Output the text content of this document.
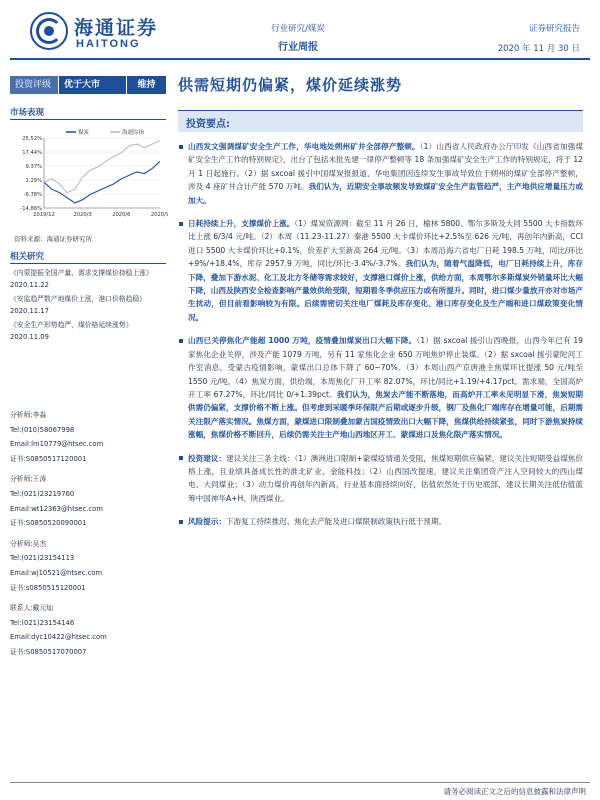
海通证券
HAITONG
行业研究/煤炭
行业周报
证券研究报告
2020 年 11 月 30 日
投资评级	优于大市	维持	供需短期仍偏紧，煤价延续涨势
市场表现
煤炭	海通综指
25.52%
17.44%
9.37%
1.29%
-6.78%
-14.86%
2019/12	2020/3	2020/6	2020/9
资料来源：海通证券研究所
相关研究
《内蒙提振全国产量，需求支撑煤价持稳上涨》2020.11.22
《安监趋严数产地煤价上涨，港口价格趋稳》2020.11.17
《安全生产形势趋严，煤价格延续涨势》2020.11.09
分析师:李淼
Tel:(010)58067998
Email:lm10779@htsec.com
证书:S0850517120001
分析师:王涛
Tel:(021)23219760
Email:wt12363@htsec.com
证书:S0850520090001
分析师:吴杰
Tel:(021)23154113
Email:wj10521@htsec.com
证书:s0850515120001
联系人:戴元灿
Tel:(021)23154146
Email:dyc10422@htsec.com
证书:S0850517070007
投资要点:
山西发文强调煤矿安全生产工作，华电地处朔州矿井全部停产整顿。（1）山西省人民政府办公厅印发《山西省加强煤矿安全生产工作的特别规定》，出台了包括未批先建一律停产整顿等 18 条加强煤矿安全生产工作的特别规定，将于 12 月 1 日起施行。（2）据 sxcoal 援引中国煤炭报报道，华电集团因连续发生事故导致位于朔州的煤矿全部停产整顿，涉及 4 座矿井合计产能 570 万吨。我们认为，近期安全事故频发导致煤矿安全生产监管趋严，主产地供应增量压力或加大。
日耗持续上升，支撑煤价上涨。（1）煤炭资源网：截至 11 月 26 日，榆林 5800、鄂尔多斯及大同 5500 大卡指数环比上涨 6/3/4 元/吨。（2）本周（11.23-11.27）秦港 5500 大卡煤价环比+2.5%至 626 元/吨，再创年内新高，CCI 进口 5500 大卡煤价环比+0.1%，价差扩大至新高 264 元/吨。（3）本周沿海六省电厂日耗 198.5 万吨，同比/环比+9%/+18.4%，库存 2957.9 万吨，同比/环比-3.4%/-3.7%。我们认为，随着气温降低，电厂日耗持续上升，库存下降，叠加下游水泥、化工及北方冬储等需求较好，支撑港口煤价上涨，供给方面，本周鄂尔多斯煤炭外销量环比大幅下降，山西及陕西安全检查影响产量效供给受限，短期看冬季供应压力或有所提升。同时，进口煤少量放开亦对市场产生扰动，但目前看影响较为有限。后续需密切关注电厂煤耗及库存变化、港口库存变化及生产端和进口煤政策变化情况。
山西已关停焦化产能超 1000 万吨，疫情叠加煤炭出口大幅下降。（1）据 sxcoal 援引山西晚报，山西今年已有 19 家焦化企业关停，涉及产能 1079 万吨，另有 11 家焦化企业 650 万吨焦炉停止装煤。（2）据 sxcoal 援引蒙陀河工作室消息，受蒙古疫情影响，蒙煤出口总体下降了 60~70%。（3）本周山西产京唐港主焦煤环比提涨 50 元/吨至 1550 元/吨。（4）焦炭方面，供给端，本周焦化厂开工率 82.07%，环比/同比+1.19/+4.17pct。需求端，全国高炉开工率 67.27%，环比/同比 0/+1.39pct。我们认为，焦炭去产能不断落地，而高炉开工率未见明显下滑，焦炭短期供需仍偏紧，支撑价格不断上涨。但考虑到采暖季环保限产后期或逐步升级，钢厂及焦化厂端库存在增量可能，后期需关注限产落实情况。焦煤方面，蒙煤进口限制叠加蒙古国疫情致出口大幅下降，焦煤供给持续紧张，同时下游焦炭持续涨幅，焦煤价格不断回升，后续仍需关注主产地山西地区开工、蒙煤进口及焦化限产落实情况。
投资建议：建议关注三条主线：（1）澳洲进口限制+蒙煤疫情通关受阻，焦煤短期供应偏紧，建议关注短期受益煤焦价格上涨，且业绩具备成长性的淮北矿业、金能科技；（2）山西国改提速，建议关注集团资产注入空间较大的西山煤电、大同煤业；（3）动力煤价再创年内新高，行业基本面持续向好，估值依然处于历史底部，建议长期关注低估值蓝筹中国神华A+H、陕西煤业。
风险提示：下游复工持续推迟、焦化去产能及进口煤限制政策执行低于预期。
请务必阅读正文之后的信息披露和法律声明
